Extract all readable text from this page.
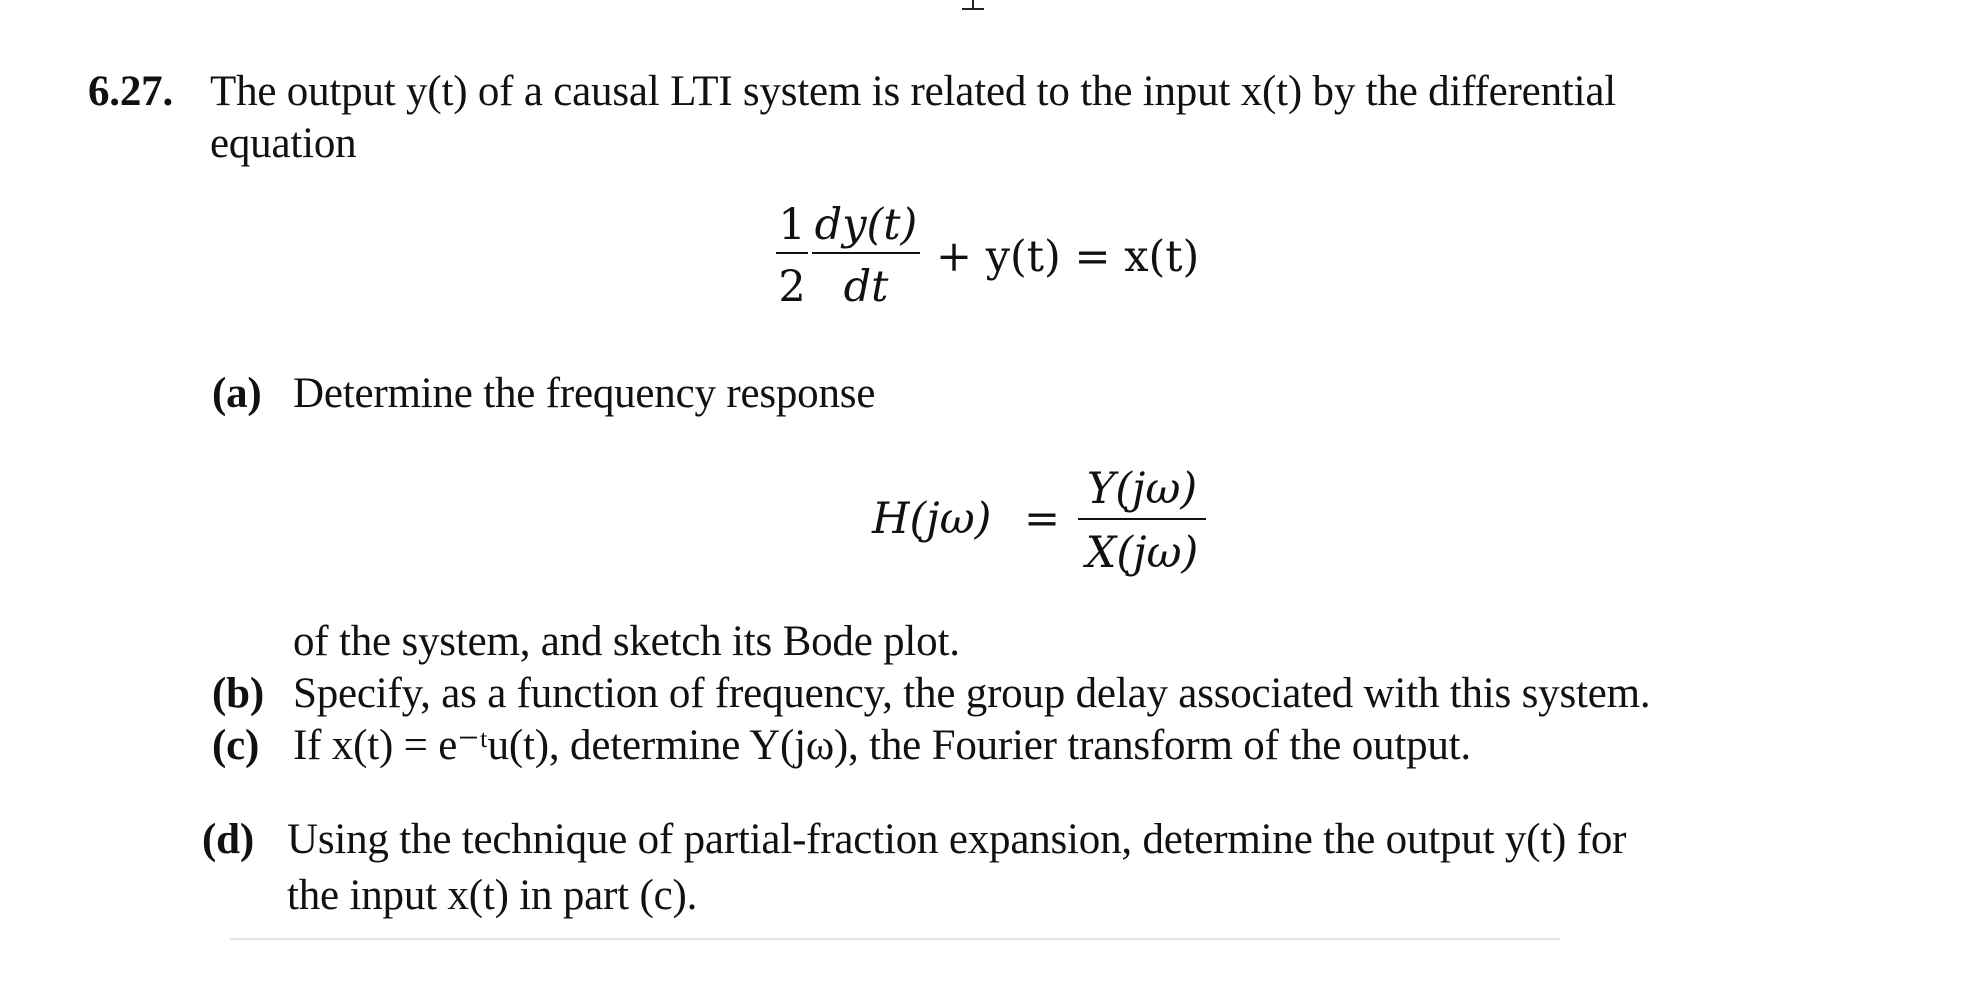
6.27. The output y(t) of a causal LTI system is related to the input x(t) by the differential
equation
1
2
dy(t)
dt
+ y(t) = x(t)
(a) Determine the frequency response
H(jω) =
Y(jω)
X(jω)
of the system, and sketch its Bode plot.
(b) Specify, as a function of frequency, the group delay associated with this system.
(c) If x(t) = e⁻ᵗu(t), determine Y(jω), the Fourier transform of the output.
(d) Using the technique of partial-fraction expansion, determine the output y(t) for
the input x(t) in part (c).
